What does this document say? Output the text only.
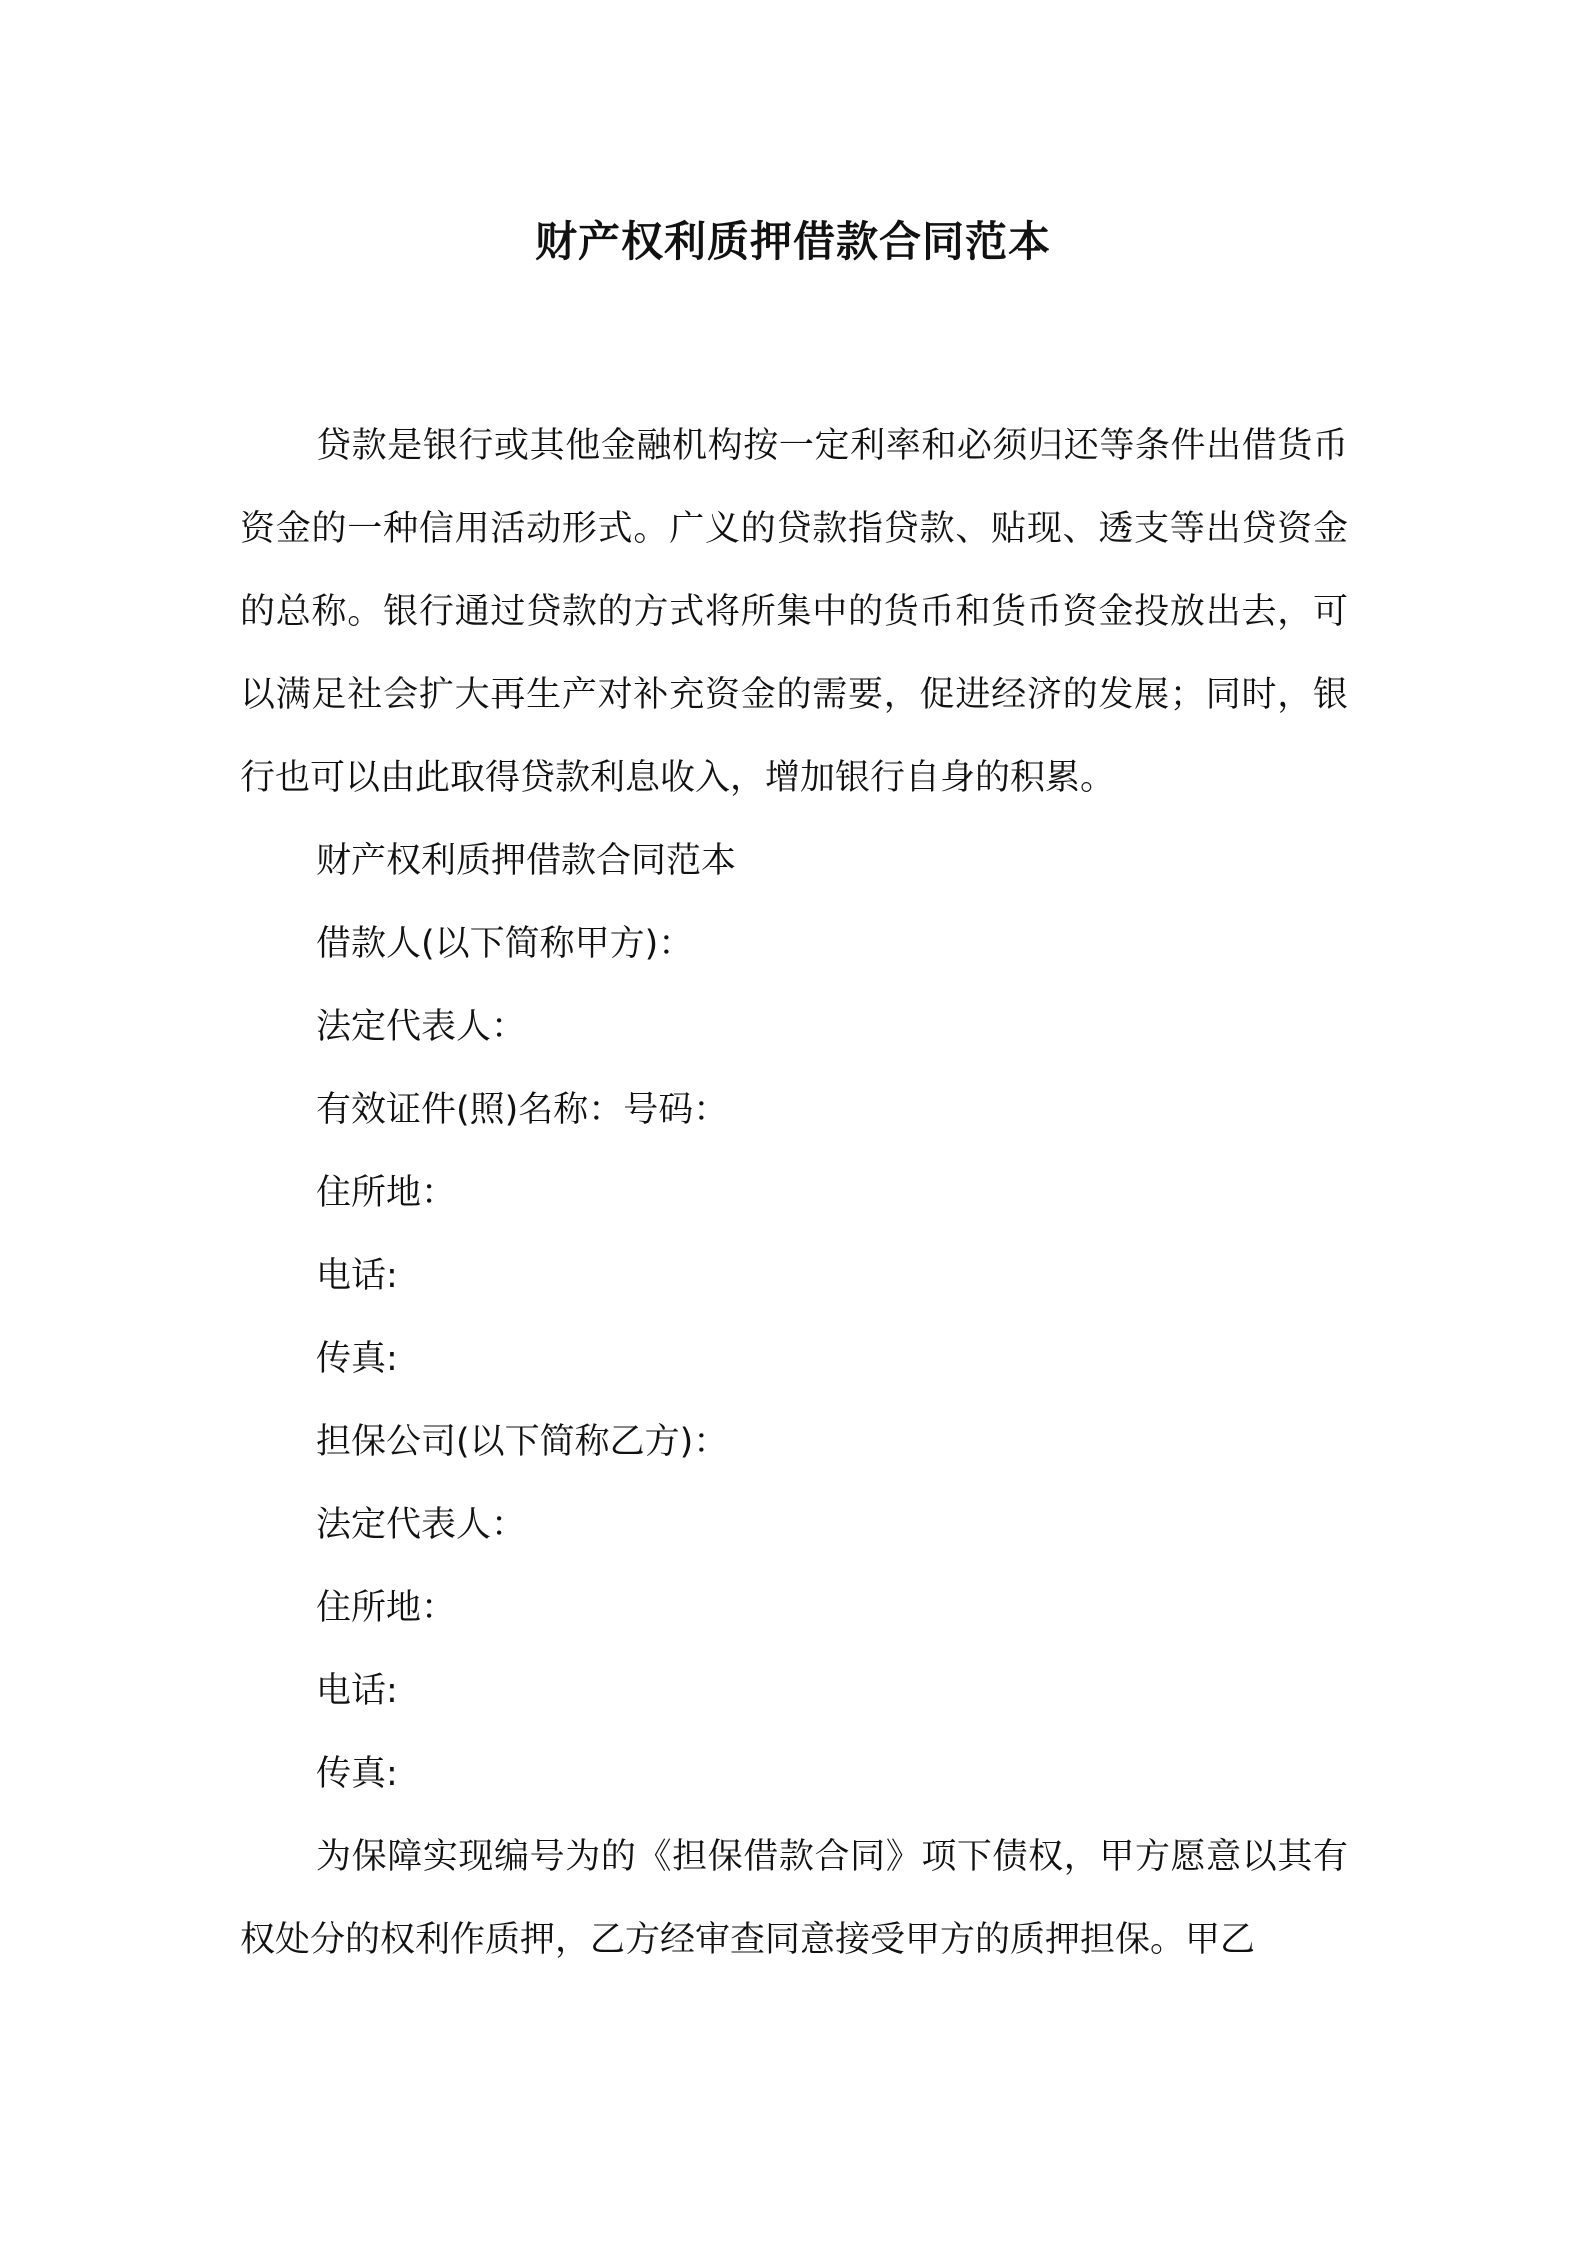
财产权利质押借款合同范本

贷款是银行或其他金融机构按一定利率和必须归还等条件出借货币资金的一种信用活动形式。广义的贷款指贷款、贴现、透支等出贷资金的总称。银行通过贷款的方式将所集中的货币和货币资金投放出去，可以满足社会扩大再生产对补充资金的需要，促进经济的发展；同时，银行也可以由此取得贷款利息收入，增加银行自身的积累。

财产权利质押借款合同范本

借款人(以下简称甲方)：

法定代表人：

有效证件(照)名称：号码：

住所地：

电话:

传真:

担保公司(以下简称乙方)：

法定代表人：

住所地：

电话:

传真:

为保障实现编号为的《担保借款合同》项下债权，甲方愿意以其有权处分的权利作质押，乙方经审查同意接受甲方的质押担保。甲乙
